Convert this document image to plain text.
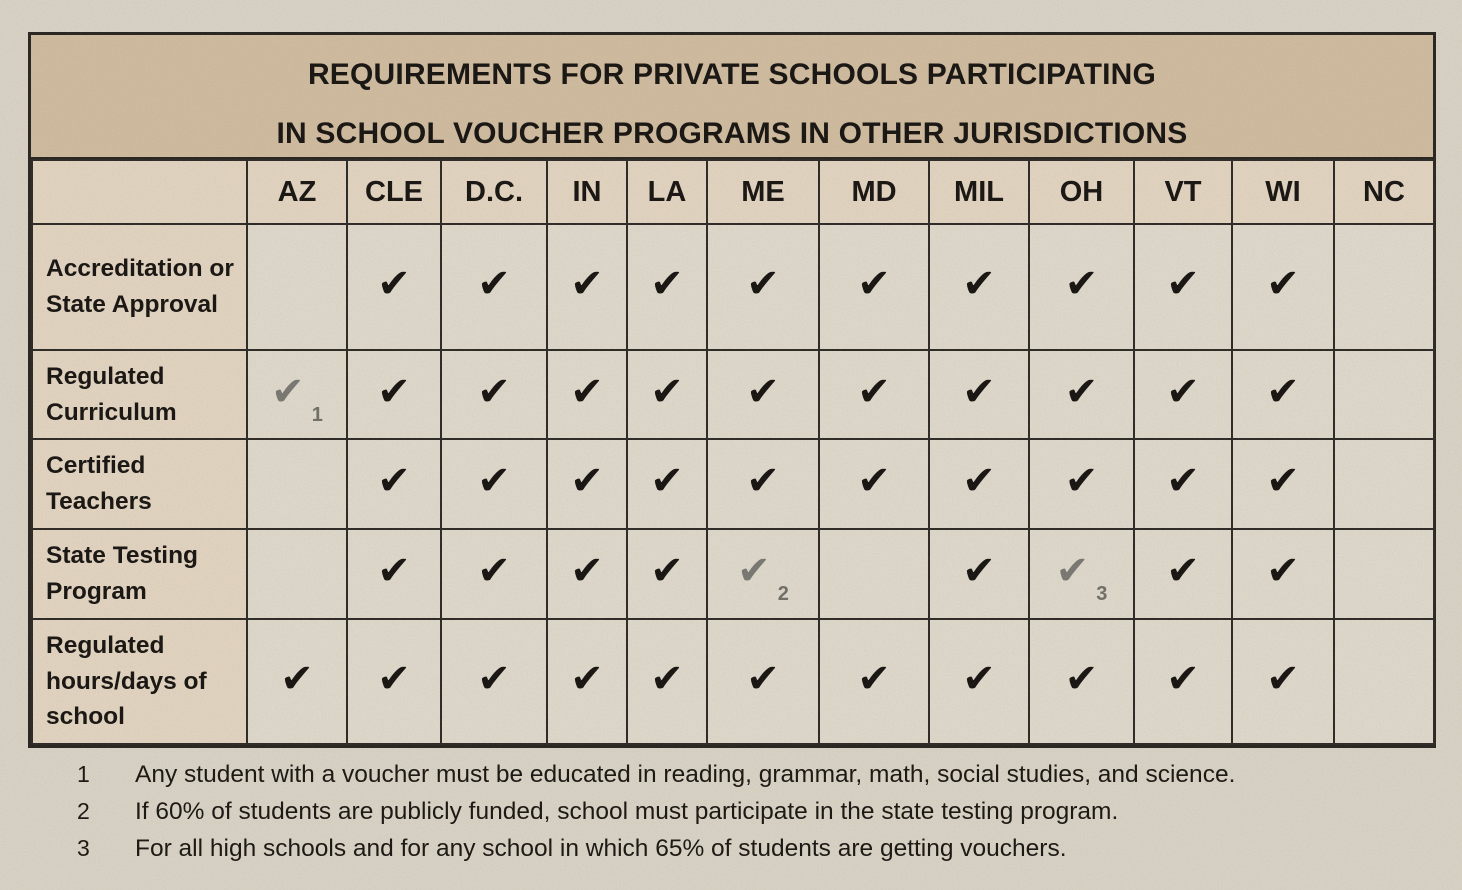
REQUIREMENTS FOR PRIVATE SCHOOLS PARTICIPATING
IN SCHOOL VOUCHER PROGRAMS IN OTHER JURISDICTIONS
	AZ	CLE	D.C.	IN	LA	ME	MD	MIL	OH	VT	WI	NC
Accreditation or State Approval		✔	✔	✔	✔	✔	✔	✔	✔	✔	✔	
Regulated Curriculum	✔ 1	✔	✔	✔	✔	✔	✔	✔	✔	✔	✔	
Certified Teachers		✔	✔	✔	✔	✔	✔	✔	✔	✔	✔	
State Testing Program		✔	✔	✔	✔	✔ 2		✔	✔ 3	✔	✔	
Regulated hours/days of school	✔	✔	✔	✔	✔	✔	✔	✔	✔	✔	✔	
1	Any student with a voucher must be educated in reading, grammar, math, social studies, and science.
2	If 60% of students are publicly funded, school must participate in the state testing program.
3	For all high schools and for any school in which 65% of students are getting vouchers.
